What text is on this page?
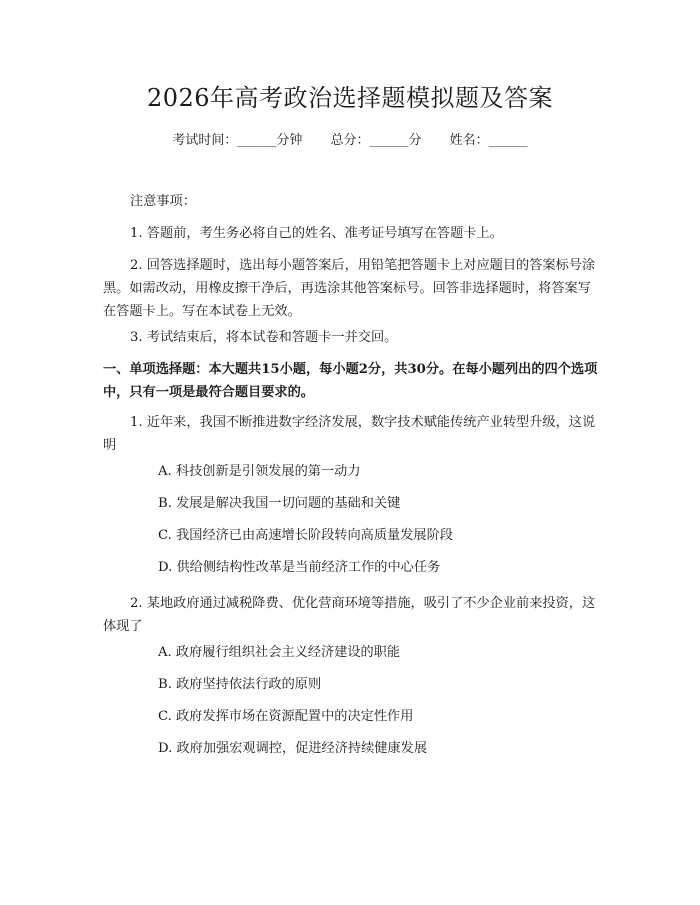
2026年高考政治选择题模拟题及答案
考试时间：______分钟 总分：______分 姓名：______
注意事项：
1. 答题前，考生务必将自己的姓名、准考证号填写在答题卡上。
2. 回答选择题时，选出每小题答案后，用铅笔把答题卡上对应题目的答案标号涂黑。如需改动，用橡皮擦干净后，再选涂其他答案标号。回答非选择题时，将答案写在答题卡上。写在本试卷上无效。
3. 考试结束后，将本试卷和答题卡一并交回。
一、单项选择题：本大题共15小题，每小题2分，共30分。在每小题列出的四个选项中，只有一项是最符合题目要求的。
1. 近年来，我国不断推进数字经济发展，数字技术赋能传统产业转型升级，这说明
A. 科技创新是引领发展的第一动力
B. 发展是解决我国一切问题的基础和关键
C. 我国经济已由高速增长阶段转向高质量发展阶段
D. 供给侧结构性改革是当前经济工作的中心任务
2. 某地政府通过减税降费、优化营商环境等措施，吸引了不少企业前来投资，这体现了
A. 政府履行组织社会主义经济建设的职能
B. 政府坚持依法行政的原则
C. 政府发挥市场在资源配置中的决定性作用
D. 政府加强宏观调控，促进经济持续健康发展
